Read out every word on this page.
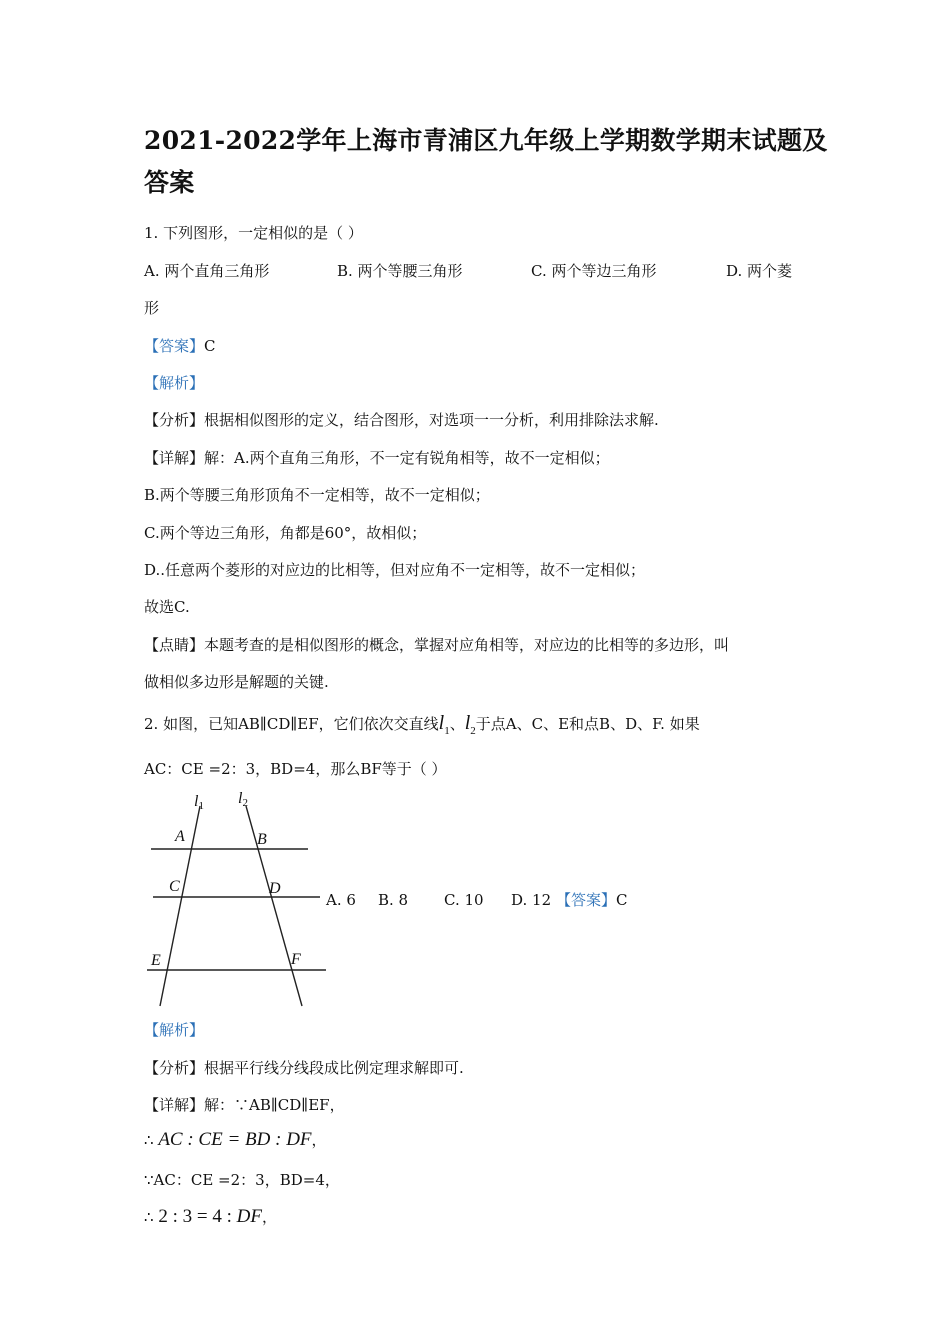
2021-2022学年上海市青浦区九年级上学期数学期末试题及答案
1. 下列图形，一定相似的是（ ）
A. 两个直角三角形	B. 两个等腰三角形	C. 两个等边三角形	D. 两个菱
形
【答案】C
【解析】
【分析】根据相似图形的定义，结合图形，对选项一一分析，利用排除法求解.
【详解】解：A.两个直角三角形，不一定有锐角相等，故不一定相似；
B.两个等腰三角形顶角不一定相等，故不一定相似；
C.两个等边三角形，角都是60°，故相似；
D..任意两个菱形的对应边的比相等，但对应角不一定相等，故不一定相似；
故选C.
【点睛】本题考查的是相似图形的概念，掌握对应角相等，对应边的比相等的多边形，叫
做相似多边形是解题的关键.
2. 如图，已知AB∥CD∥EF，它们依次交直线$l_1$、$l_2$于点A、C、E和点B、D、F. 如果
AC：CE =2：3，BD=4，那么BF等于（ ）
l1 l2
A	B
C	D
E	F
A. 6 B. 8 C. 10 D. 12 【答案】C
【解析】
【分析】根据平行线分线段成比例定理求解即可.
【详解】解：∵AB∥CD∥EF，
∴ AC : CE = BD : DF，
∵AC：CE =2：3，BD=4，
∴ 2 : 3 = 4 : DF，
